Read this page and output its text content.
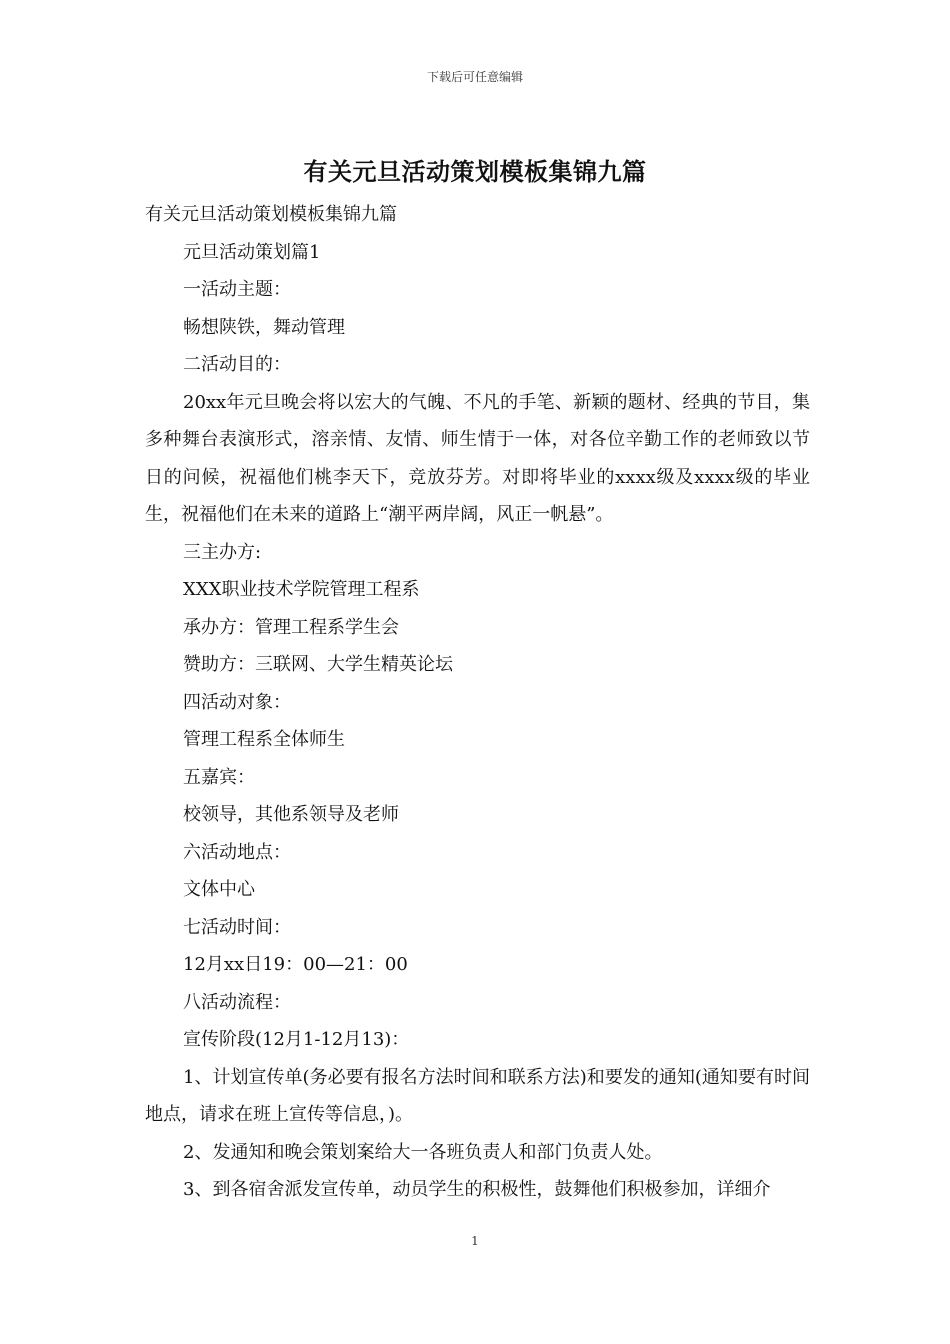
下载后可任意编辑
有关元旦活动策划模板集锦九篇

有关元旦活动策划模板集锦九篇

元旦活动策划篇1

一活动主题：

畅想陕铁，舞动管理

二活动目的：

20xx年元旦晚会将以宏大的气魄、不凡的手笔、新颖的题材、经典的节目，集多种舞台表演形式，溶亲情、友情、师生情于一体，对各位辛勤工作的老师致以节日的问候，祝福他们桃李天下，竞放芬芳。对即将毕业的xxxx级及xxxx级的毕业生，祝福他们在未来的道路上“潮平两岸阔，风正一帆悬”。

三主办方:

XXX职业技术学院管理工程系

承办方：管理工程系学生会

赞助方：三联网、大学生精英论坛

四活动对象：

管理工程系全体师生

五嘉宾：

校领导，其他系领导及老师

六活动地点：

文体中心

七活动时间：

12月xx日19：00—21：00

八活动流程：

宣传阶段(12月1-12月13)：

1、计划宣传单(务必要有报名方法时间和联系方法)和要发的通知(通知要有时间地点，请求在班上宣传等信息，)。

2、发通知和晚会策划案给大一各班负责人和部门负责人处。

3、到各宿舍派发宣传单，动员学生的积极性，鼓舞他们积极参加，详细介

1
